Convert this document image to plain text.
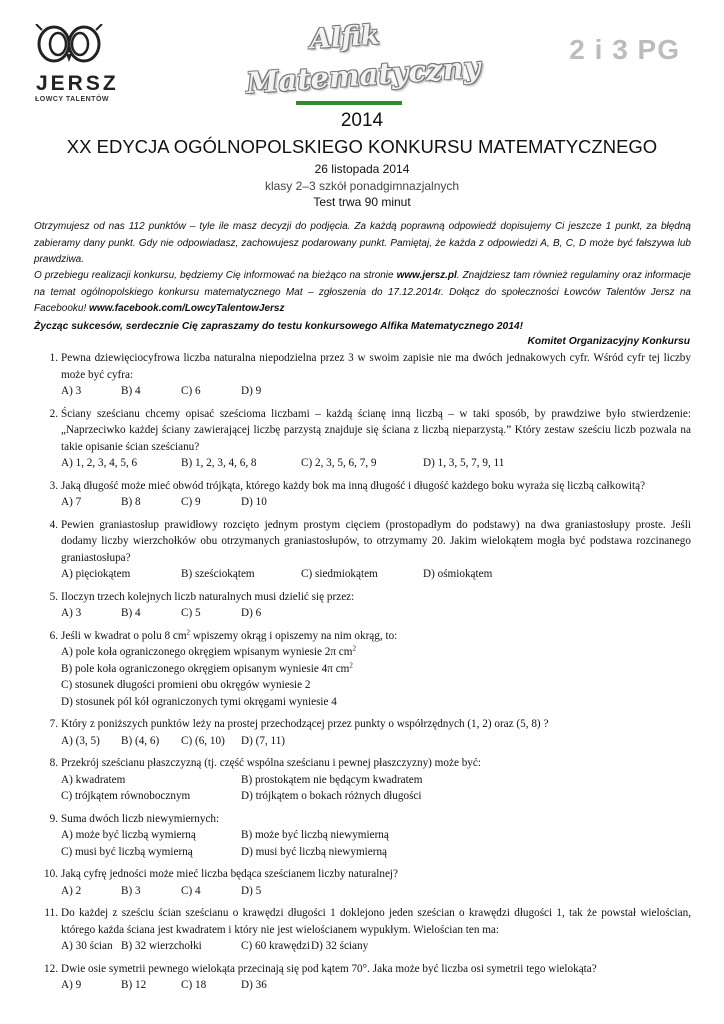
JERSZ
ŁOWCY TALENTÓW
Alfik
Matematyczny
2 i 3 PG
2014
XX EDYCJA OGÓLNOPOLSKIEGO KONKURSU MATEMATYCZNEGO
26 listopada 2014
klasy 2–3 szkół ponadgimnazjalnych
Test trwa 90 minut
Otrzymujesz od nas 112 punktów – tyle ile masz decyzji do podjęcia. Za każdą poprawną odpowiedź dopisujemy Ci jeszcze 1 punkt, za błędną zabieramy dany punkt. Gdy nie odpowiadasz, zachowujesz podarowany punkt. Pamiętaj, że każda z odpowiedzi A, B, C, D może być fałszywa lub prawdziwa.
O przebiegu realizacji konkursu, będziemy Cię informować na bieżąco na stronie www.jersz.pl. Znajdziesz tam również regulaminy oraz informacje na temat ogólnopolskiego konkursu matematycznego Mat – zgłoszenia do 17.12.2014r. Dołącz do społeczności Łowców Talentów Jersz na Facebooku! www.facebook.com/LowcyTalentowJersz
Życząc sukcesów, serdecznie Cię zapraszamy do testu konkursowego Alfika Matematycznego 2014!
Komitet Organizacyjny Konkursu
1. Pewna dziewięciocyfrowa liczba naturalna niepodzielna przez 3 w swoim zapisie nie ma dwóch jednakowych cyfr. Wśród cyfr tej liczby może być cyfra:
A) 3	B) 4	C) 6	D) 9
2. Ściany sześcianu chcemy opisać sześcioma liczbami – każdą ścianę inną liczbą – w taki sposób, by prawdziwe było stwierdzenie: „Naprzeciwko każdej ściany zawierającej liczbę parzystą znajduje się ściana z liczbą nieparzystą.” Który zestaw sześciu liczb pozwala na takie opisanie ścian sześcianu?
A) 1, 2, 3, 4, 5, 6	B) 1, 2, 3, 4, 6, 8	C) 2, 3, 5, 6, 7, 9	D) 1, 3, 5, 7, 9, 11
3. Jaką długość może mieć obwód trójkąta, którego każdy bok ma inną długość i długość każdego boku wyraża się liczbą całkowitą?
A) 7	B) 8	C) 9	D) 10
4. Pewien graniastosłup prawidłowy rozcięto jednym prostym cięciem (prostopadłym do podstawy) na dwa graniastosłupy proste. Jeśli dodamy liczby wierzchołków obu otrzymanych graniastosłupów, to otrzymamy 20. Jakim wielokątem mogła być podstawa rozcinanego graniastosłupa?
A) pięciokątem	B) sześciokątem	C) siedmiokątem	D) ośmiokątem
5. Iloczyn trzech kolejnych liczb naturalnych musi dzielić się przez:
A) 3	B) 4	C) 5	D) 6
6. Jeśli w kwadrat o polu 8 $cm^2$ wpiszemy okrąg i opiszemy na nim okrąg, to:
A) pole koła ograniczonego okręgiem wpisanym wyniesie 2π $cm^2$
B) pole koła ograniczonego okręgiem opisanym wyniesie 4π $cm^2$
C) stosunek długości promieni obu okręgów wyniesie 2
D) stosunek pól kół ograniczonych tymi okręgami wyniesie 4
7. Który z poniższych punktów leży na prostej przechodzącej przez punkty o współrzędnych (1, 2) oraz (5, 8) ?
A) (3, 5)	B) (4, 6)	C) (6, 10)	D) (7, 11)
8. Przekrój sześcianu płaszczyzną (tj. część wspólna sześcianu i pewnej płaszczyzny) może być:
A) kwadratem	B) prostokątem nie będącym kwadratem
C) trójkątem równobocznym	D) trójkątem o bokach różnych długości
9. Suma dwóch liczb niewymiernych:
A) może być liczbą wymierną	B) może być liczbą niewymierną
C) musi być liczbą wymierną	D) musi być liczbą niewymierną
10. Jaką cyfrę jedności może mieć liczba będąca sześcianem liczby naturalnej?
A) 2	B) 3	C) 4	D) 5
11. Do każdej z sześciu ścian sześcianu o krawędzi długości 1 doklejono jeden sześcian o krawędzi długości 1, tak że powstał wielościan, którego każda ściana jest kwadratem i który nie jest wielościanem wypukłym. Wielościan ten ma:
A) 30 ścian B) 32 wierzchołki	C) 60 krawędzi D) 32 ściany
12. Dwie osie symetrii pewnego wielokąta przecinają się pod kątem 70°. Jaka może być liczba osi symetrii tego wielokąta?
A) 9	B) 12	C) 18	D) 36
